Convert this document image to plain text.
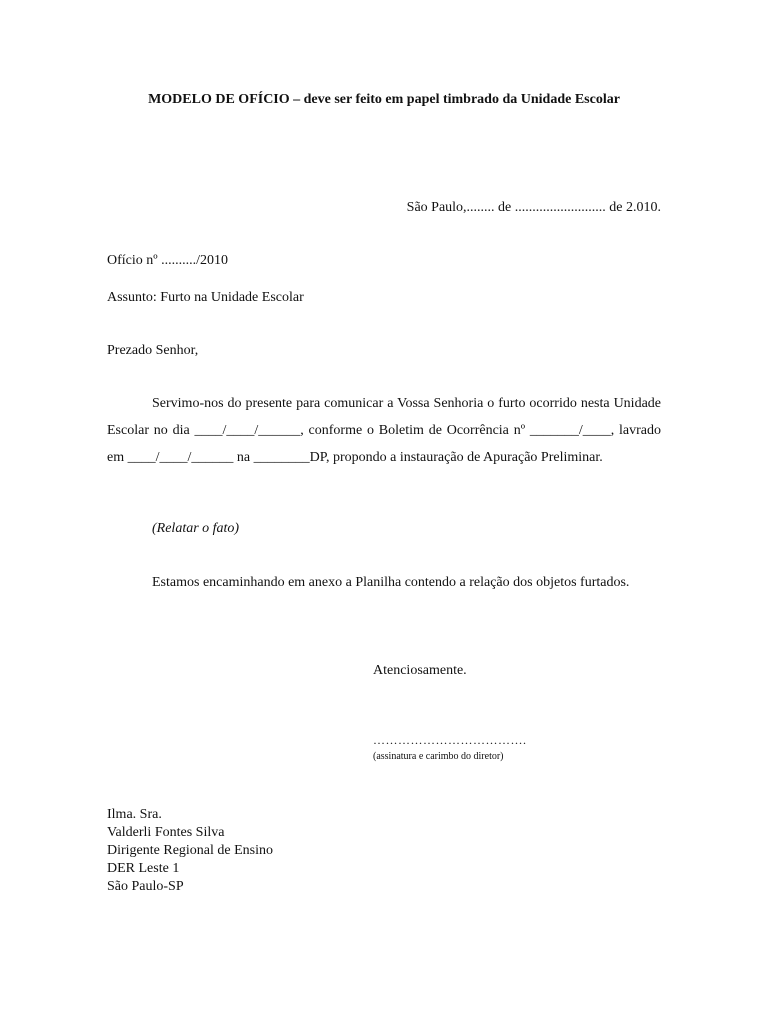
MODELO DE OFÍCIO – deve ser feito em papel timbrado da Unidade Escolar

São Paulo,........ de .......................... de 2.010.

Ofício nº ........../2010

Assunto: Furto na Unidade Escolar

Prezado Senhor,

Servimo-nos do presente para comunicar a Vossa Senhoria o furto ocorrido nesta Unidade Escolar no dia ____/____/______, conforme o Boletim de Ocorrência nº _______/____, lavrado em ____/____/______ na ________DP, propondo a instauração de Apuração Preliminar.

(Relatar o fato)

Estamos encaminhando em anexo a Planilha contendo a relação dos objetos furtados.

Atenciosamente.

……………………………….

(assinatura e carimbo do diretor)

Ilma. Sra.
Valderli Fontes Silva
Dirigente Regional de Ensino
DER Leste 1
São Paulo-SP
